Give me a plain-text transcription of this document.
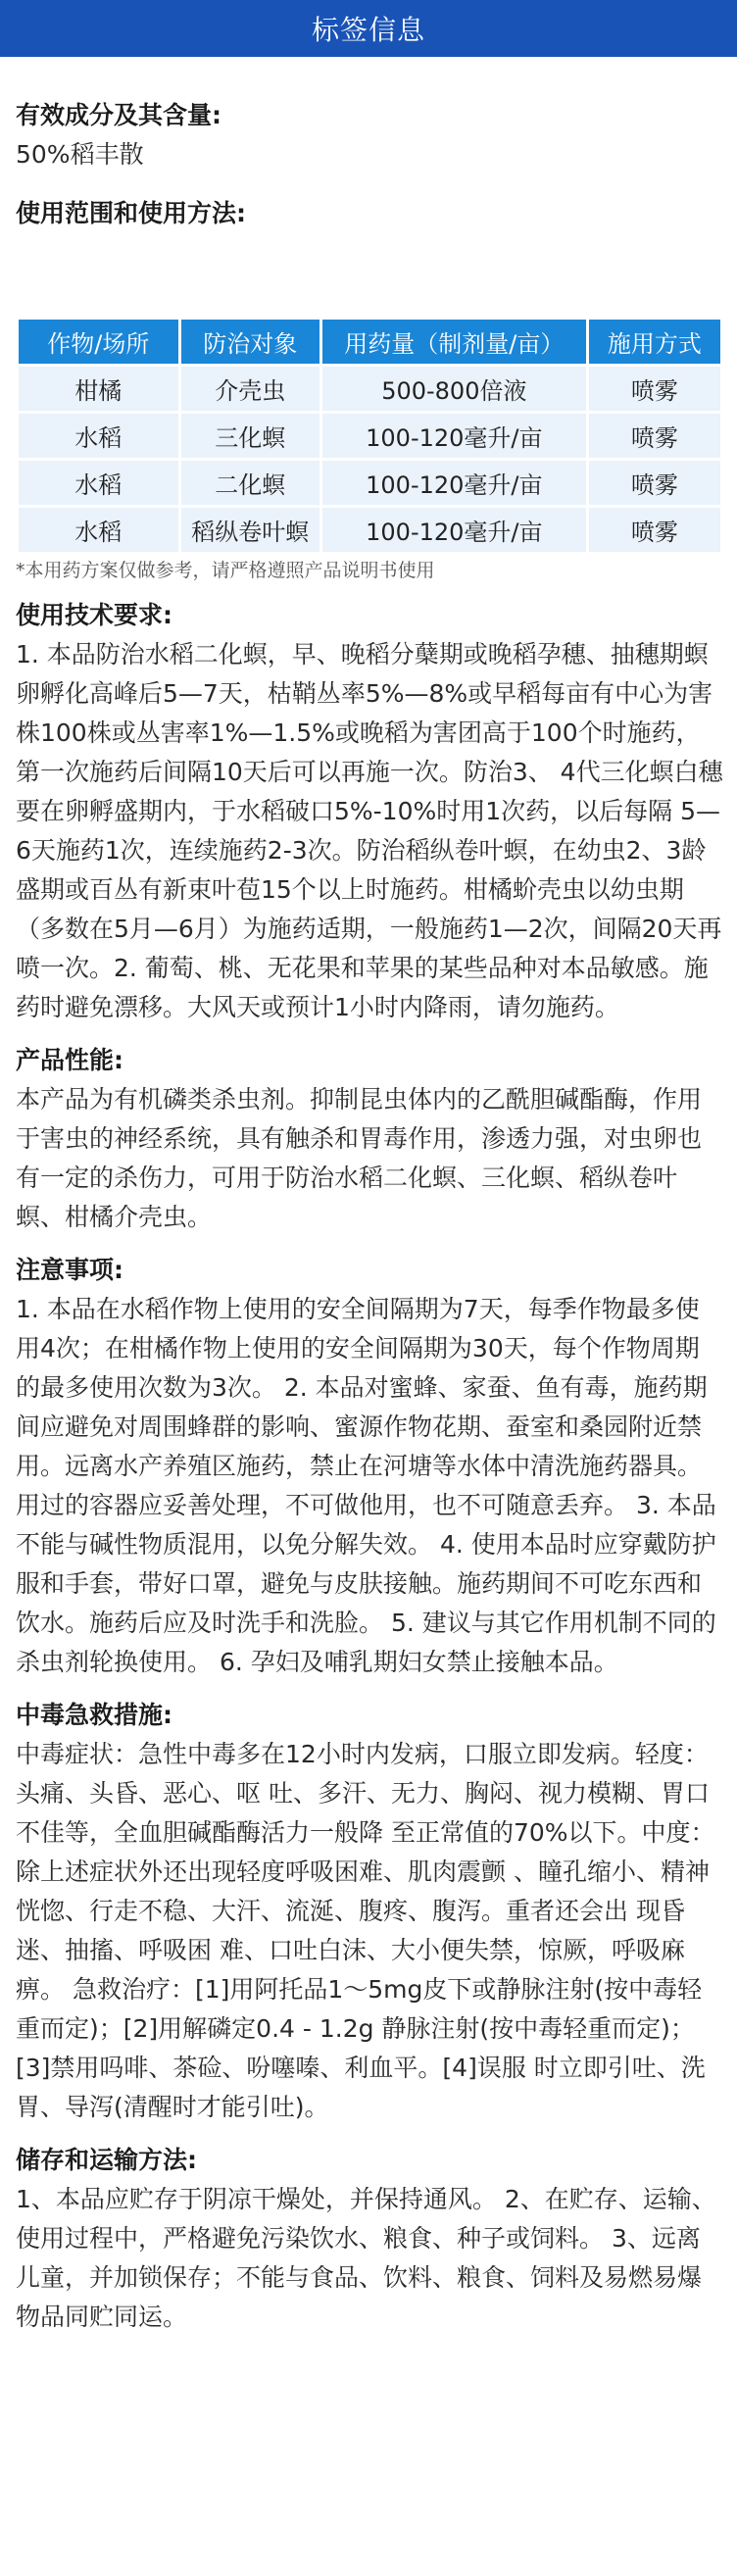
标签信息
有效成分及其含量:
50%稻丰散
使用范围和使用方法:
作物/场所	防治对象	用药量（制剂量/亩）	施用方式
柑橘	介壳虫	500-800倍液	喷雾
水稻	三化螟	100-120毫升/亩	喷雾
水稻	二化螟	100-120毫升/亩	喷雾
水稻	稻纵卷叶螟	100-120毫升/亩	喷雾
*本用药方案仅做参考，请严格遵照产品说明书使用
使用技术要求:
1. 本品防治水稻二化螟，早、晚稻分蘖期或晚稻孕穗、抽穗期螟卵孵化高峰后5—7天，枯鞘丛率5%—8%或早稻每亩有中心为害株100株或丛害率1%—1.5%或晚稻为害团高于100个时施药，第一次施药后间隔10天后可以再施一次。防治3、 4代三化螟白穗要在卵孵盛期内，于水稻破口5%-10%时用1次药，以后每隔 5—6天施药1次，连续施药2-3次。防治稻纵卷叶螟，在幼虫2、3龄盛期或百丛有新束叶苞15个以上时施药。柑橘蚧壳虫以幼虫期（多数在5月—6月）为施药适期，一般施药1—2次，间隔20天再喷一次。2. 葡萄、桃、无花果和苹果的某些品种对本品敏感。施药时避免漂移。大风天或预计1小时内降雨，请勿施药。
产品性能:
本产品为有机磷类杀虫剂。抑制昆虫体内的乙酰胆碱酯酶，作用于害虫的神经系统，具有触杀和胃毒作用，渗透力强，对虫卵也有一定的杀伤力，可用于防治水稻二化螟、三化螟、稻纵卷叶螟、柑橘介壳虫。
注意事项:
1. 本品在水稻作物上使用的安全间隔期为7天，每季作物最多使用4次；在柑橘作物上使用的安全间隔期为30天，每个作物周期的最多使用次数为3次。 2. 本品对蜜蜂、家蚕、鱼有毒，施药期间应避免对周围蜂群的影响、蜜源作物花期、蚕室和桑园附近禁用。远离水产养殖区施药，禁止在河塘等水体中清洗施药器具。用过的容器应妥善处理，不可做他用，也不可随意丢弃。 3. 本品不能与碱性物质混用，以免分解失效。 4. 使用本品时应穿戴防护服和手套，带好口罩，避免与皮肤接触。施药期间不可吃东西和饮水。施药后应及时洗手和洗脸。 5. 建议与其它作用机制不同的杀虫剂轮换使用。 6. 孕妇及哺乳期妇女禁止接触本品。
中毒急救措施:
中毒症状：急性中毒多在12小时内发病，口服立即发病。轻度：头痛、头昏、恶心、呕 吐、多汗、无力、胸闷、视力模糊、胃口不佳等，全血胆碱酯酶活力一般降 至正常值的70%以下。中度：除上述症状外还出现轻度呼吸困难、肌肉震颤 、瞳孔缩小、精神恍惚、行走不稳、大汗、流涎、腹疼、腹泻。重者还会出 现昏迷、抽搐、呼吸困 难、口吐白沫、大小便失禁，惊厥，呼吸麻痹。 急救治疗：[1]用阿托品1～5mg皮下或静脉注射(按中毒轻重而定)；[2]用解磷定0.4 - 1.2g 静脉注射(按中毒轻重而定)；[3]禁用吗啡、茶硷、吩噻嗪、利血平。[4]误服 时立即引吐、洗胃、导泻(清醒时才能引吐)。
储存和运输方法:
1、本品应贮存于阴凉干燥处，并保持通风。 2、在贮存、运输、使用过程中，严格避免污染饮水、粮食、种子或饲料。 3、远离儿童，并加锁保存；不能与食品、饮料、粮食、饲料及易燃易爆物品同贮同运。
